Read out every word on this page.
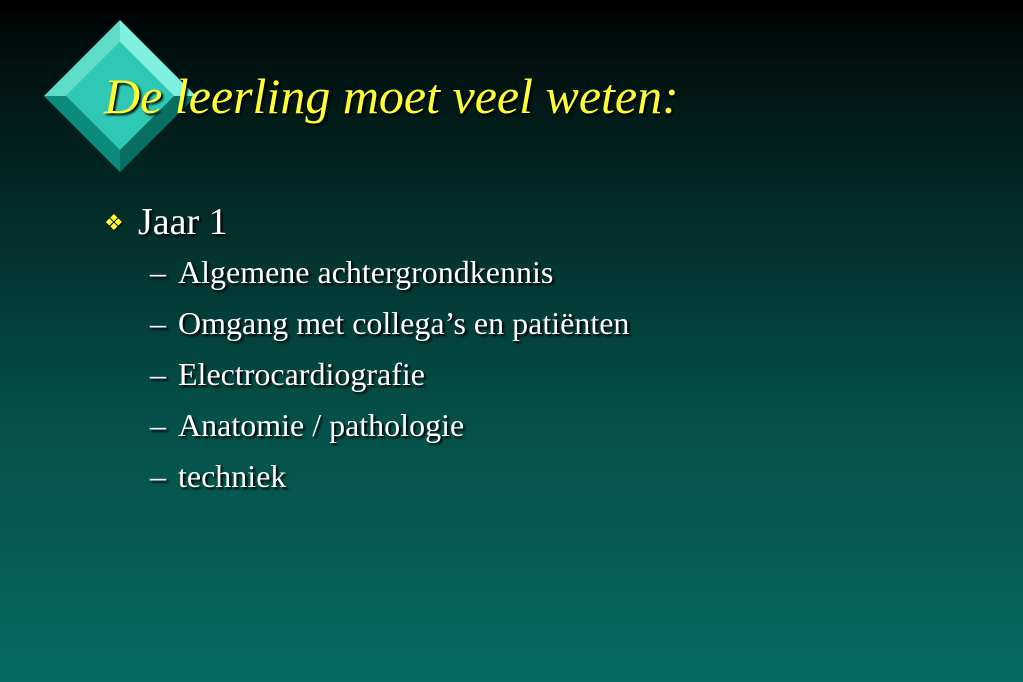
De leerling moet veel weten:
❖ Jaar 1
– Algemene achtergrondkennis
– Omgang met collega’s en patiënten
– Electrocardiografie
– Anatomie / pathologie
– techniek
